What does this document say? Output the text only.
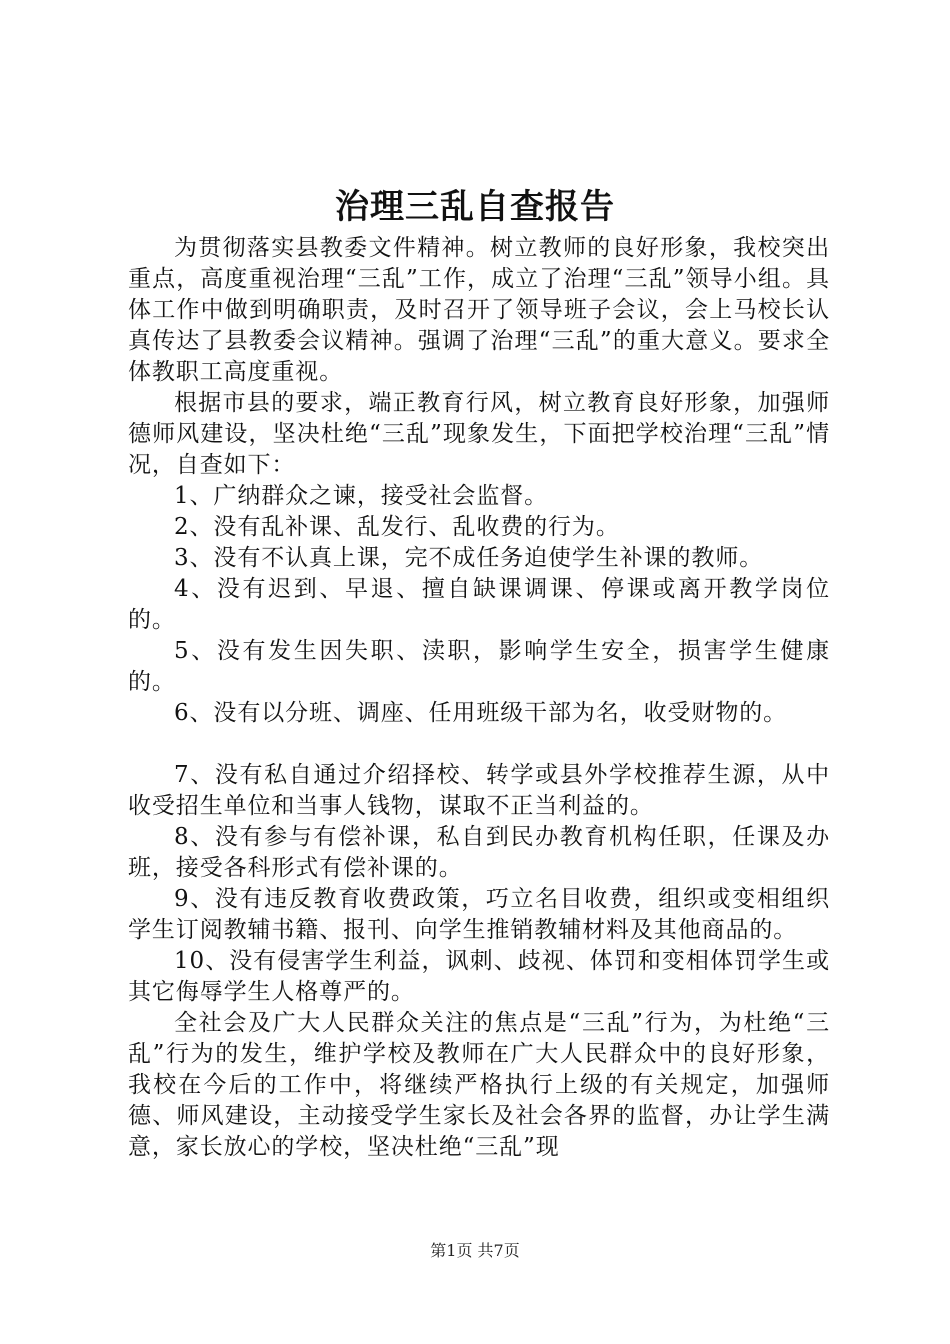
治理三乱自查报告

为贯彻落实县教委文件精神。树立教师的良好形象，我校突出重点，高度重视治理“三乱”工作，成立了治理“三乱”领导小组。具体工作中做到明确职责，及时召开了领导班子会议，会上马校长认真传达了县教委会议精神。强调了治理“三乱”的重大意义。要求全体教职工高度重视。

根据市县的要求，端正教育行风，树立教育良好形象，加强师德师风建设，坚决杜绝“三乱”现象发生，下面把学校治理“三乱”情况，自查如下：

1、广纳群众之谏，接受社会监督。

2、没有乱补课、乱发行、乱收费的行为。

3、没有不认真上课，完不成任务迫使学生补课的教师。

4、没有迟到、早退、擅自缺课调课、停课或离开教学岗位的。

5、没有发生因失职、渎职，影响学生安全，损害学生健康的。

6、没有以分班、调座、任用班级干部为名，收受财物的。

7、没有私自通过介绍择校、转学或县外学校推荐生源，从中收受招生单位和当事人钱物，谋取不正当利益的。

8、没有参与有偿补课，私自到民办教育机构任职，任课及办班，接受各科形式有偿补课的。

9、没有违反教育收费政策，巧立名目收费，组织或变相组织学生订阅教辅书籍、报刊、向学生推销教辅材料及其他商品的。

10、没有侵害学生利益，讽刺、歧视、体罚和变相体罚学生或其它侮辱学生人格尊严的。

全社会及广大人民群众关注的焦点是“三乱”行为，为杜绝“三乱”行为的发生，维护学校及教师在广大人民群众中的良好形象，我校在今后的工作中，将继续严格执行上级的有关规定，加强师德、师风建设，主动接受学生家长及社会各界的监督，办让学生满意，家长放心的学校，坚决杜绝“三乱”现

第1页 共7页
